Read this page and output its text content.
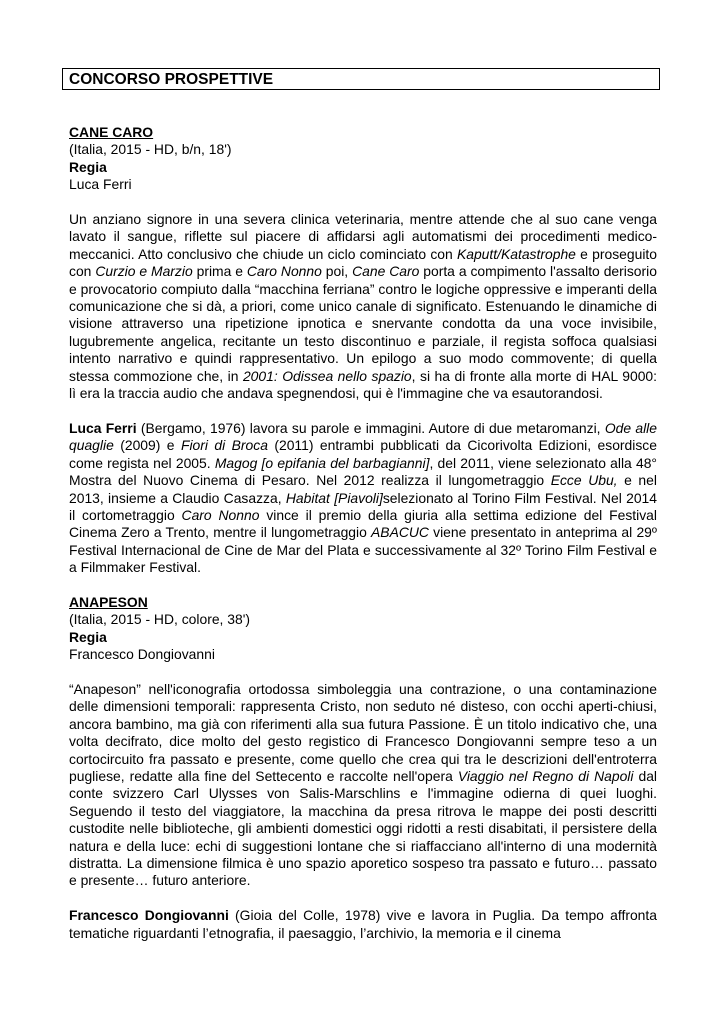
CONCORSO PROSPETTIVE

CANE CARO

(Italia, 2015 - HD, b/n, 18')

Regia

Luca Ferri

Un anziano signore in una severa clinica veterinaria, mentre attende che al suo cane venga lavato il sangue, riflette sul piacere di affidarsi agli automatismi dei procedimenti medico-meccanici. Atto conclusivo che chiude un ciclo cominciato con Kaputt/Katastrophe e proseguito con Curzio e Marzio prima e Caro Nonno poi, Cane Caro porta a compimento l'assalto derisorio e provocatorio compiuto dalla “macchina ferriana” contro le logiche oppressive e imperanti della comunicazione che si dà, a priori, come unico canale di significato. Estenuando le dinamiche di visione attraverso una ripetizione ipnotica e snervante condotta da una voce invisibile, lugubremente angelica, recitante un testo discontinuo e parziale, il regista soffoca qualsiasi intento narrativo e quindi rappresentativo. Un epilogo a suo modo commovente; di quella stessa commozione che, in 2001: Odissea nello spazio, si ha di fronte alla morte di HAL 9000: lì era la traccia audio che andava spegnendosi, qui è l'immagine che va esautorandosi.

Luca Ferri (Bergamo, 1976) lavora su parole e immagini. Autore di due metaromanzi, Ode alle quaglie (2009) e Fiori di Broca (2011) entrambi pubblicati da Cicorivolta Edizioni, esordisce come regista nel 2005. Magog [o epifania del barbagianni], del 2011, viene selezionato alla 48° Mostra del Nuovo Cinema di Pesaro. Nel 2012 realizza il lungometraggio Ecce Ubu, e nel 2013, insieme a Claudio Casazza, Habitat [Piavoli]selezionato al Torino Film Festival. Nel 2014 il cortometraggio Caro Nonno vince il premio della giuria alla settima edizione del Festival Cinema Zero a Trento, mentre il lungometraggio ABACUC viene presentato in anteprima al 29º Festival Internacional de Cine de Mar del Plata e successivamente al 32º Torino Film Festival e a Filmmaker Festival.

ANAPESON

(Italia, 2015 - HD, colore, 38')

Regia

Francesco Dongiovanni

“Anapeson” nell'iconografia ortodossa simboleggia una contrazione, o una contaminazione delle dimensioni temporali: rappresenta Cristo, non seduto né disteso, con occhi aperti-chiusi, ancora bambino, ma già con riferimenti alla sua futura Passione. È un titolo indicativo che, una volta decifrato, dice molto del gesto registico di Francesco Dongiovanni sempre teso a un cortocircuito fra passato e presente, come quello che crea qui tra le descrizioni dell'entroterra pugliese, redatte alla fine del Settecento e raccolte nell'opera Viaggio nel Regno di Napoli dal conte svizzero Carl Ulysses von Salis-Marschlins e l'immagine odierna di quei luoghi. Seguendo il testo del viaggiatore, la macchina da presa ritrova le mappe dei posti descritti custodite nelle biblioteche, gli ambienti domestici oggi ridotti a resti disabitati, il persistere della natura e della luce: echi di suggestioni lontane che si riaffacciano all'interno di una modernità distratta. La dimensione filmica è uno spazio aporetico sospeso tra passato e futuro… passato e presente… futuro anteriore.

Francesco Dongiovanni (Gioia del Colle, 1978) vive e lavora in Puglia. Da tempo affronta tematiche riguardanti l’etnografia, il paesaggio, l’archivio, la memoria e il cinema
